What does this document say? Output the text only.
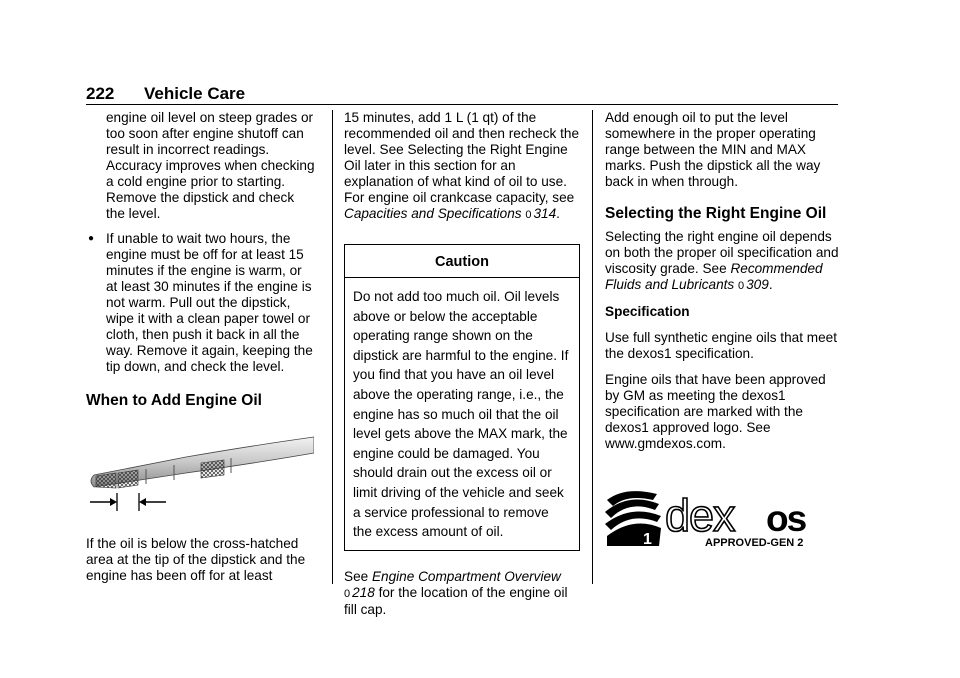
222 Vehicle Care

engine oil level on steep grades or too soon after engine shutoff can result in incorrect readings. Accuracy improves when checking a cold engine prior to starting. Remove the dipstick and check the level.

● If unable to wait two hours, the engine must be off for at least 15 minutes if the engine is warm, or at least 30 minutes if the engine is not warm. Pull out the dipstick, wipe it with a clean paper towel or cloth, then push it back in all the way. Remove it again, keeping the tip down, and check the level.

When to Add Engine Oil

If the oil is below the cross-hatched area at the tip of the dipstick and the engine has been off for at least

15 minutes, add 1 L (1 qt) of the recommended oil and then recheck the level. See Selecting the Right Engine Oil later in this section for an explanation of what kind of oil to use. For engine oil crankcase capacity, see Capacities and Specifications 0 314.

Caution
Do not add too much oil. Oil levels above or below the acceptable operating range shown on the dipstick are harmful to the engine. If you find that you have an oil level above the operating range, i.e., the engine has so much oil that the oil level gets above the MAX mark, the engine could be damaged. You should drain out the excess oil or limit driving of the vehicle and seek a service professional to remove the excess amount of oil.

See Engine Compartment Overview
0 218 for the location of the engine oil fill cap.

Add enough oil to put the level somewhere in the proper operating range between the MIN and MAX marks. Push the dipstick all the way back in when through.

Selecting the Right Engine Oil

Selecting the right engine oil depends on both the proper oil specification and viscosity grade. See Recommended Fluids and Lubricants 0 309.

Specification

Use full synthetic engine oils that meet the dexos1 specification.

Engine oils that have been approved by GM as meeting the dexos1 specification are marked with the dexos1 approved logo. See www.gmdexos.com.

1 dex os
APPROVED-GEN 2
